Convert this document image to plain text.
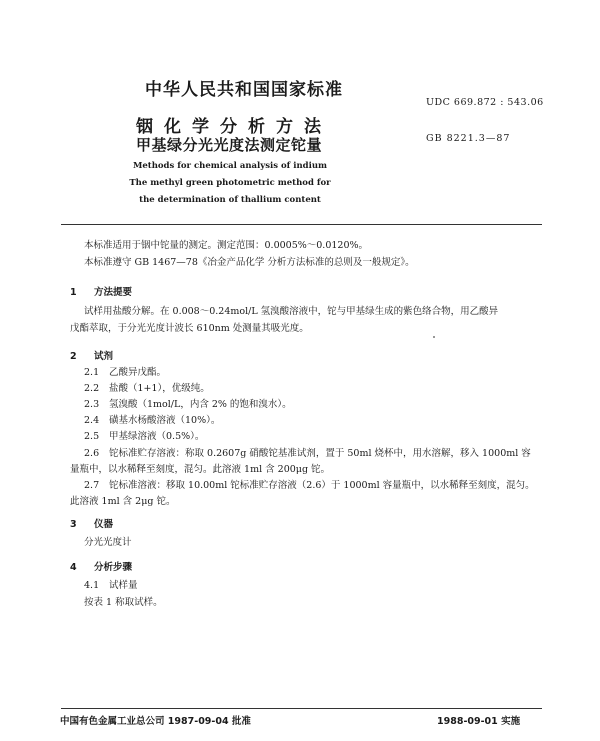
中华人民共和国国家标准
UDC 669.872 : 543.06
铟化学分析方法
甲基绿分光光度法测定铊量	GB 8221.3—87
Methods for chemical analysis of indium
The methyl green photometric method for
the determination of thallium content
本标准适用于铟中铊量的测定。测定范围：0.0005%～0.0120%。
本标准遵守 GB 1467—78《冶金产品化学 分析方法标准的总则及一般规定》。
1 方法提要
试样用盐酸分解。在 0.008～0.24mol/L 氢溴酸溶液中，铊与甲基绿生成的紫色络合物，用乙酸异
戊酯萃取，于分光光度计波长 610nm 处测量其吸光度。
2 试剂
2.1 乙酸异戊酯。
2.2 盐酸（1+1），优级纯。
2.3 氢溴酸（1mol/L，内含 2% 的饱和溴水）。
2.4 磺基水杨酸溶液（10%）。
2.5 甲基绿溶液（0.5%）。
2.6 铊标准贮存溶液：称取 0.2607g 硝酸铊基准试剂，置于 50ml 烧杯中，用水溶解，移入 1000ml 容
量瓶中，以水稀释至刻度，混匀。此溶液 1ml 含 200μg 铊。
2.7 铊标准溶液：移取 10.00ml 铊标准贮存溶液（2.6）于 1000ml 容量瓶中，以水稀释至刻度，混匀。
此溶液 1ml 含 2μg 铊。
3 仪器
分光光度计
4 分析步骤
4.1 试样量
按表 1 称取试样。
中国有色金属工业总公司 1987-09-04 批准	1988-09-01 实施
